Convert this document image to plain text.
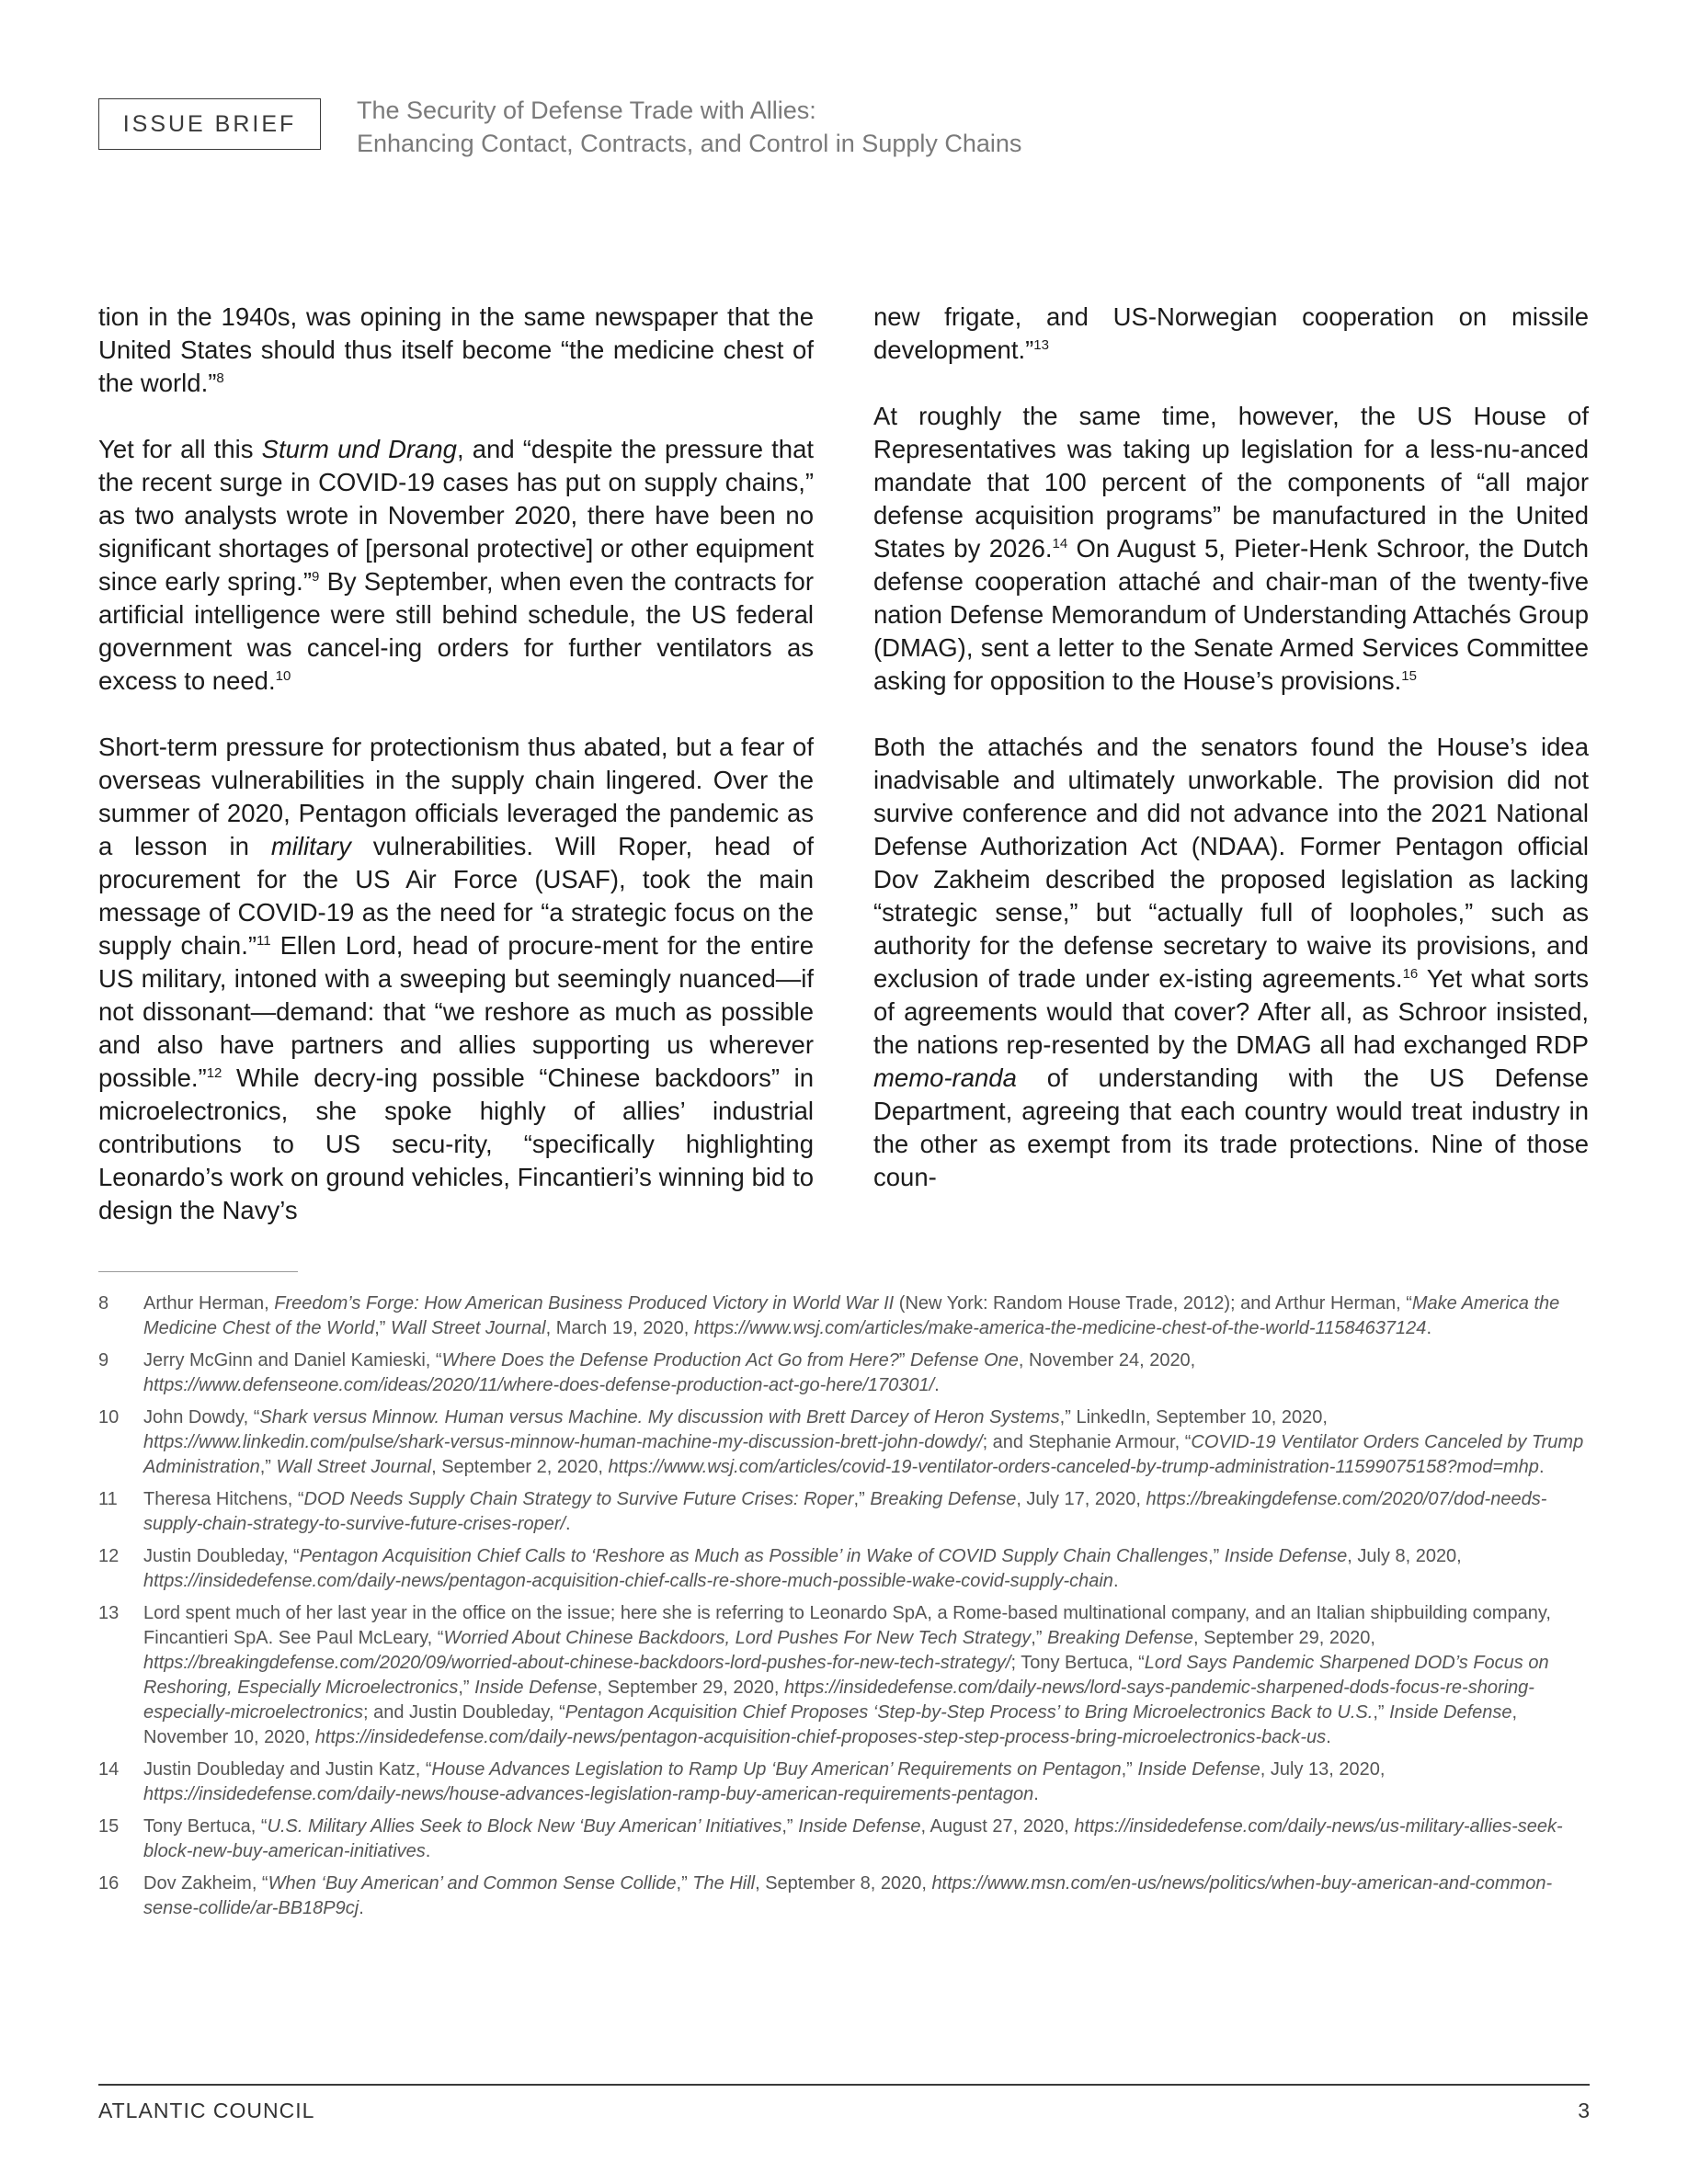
ISSUE BRIEF	The Security of Defense Trade with Allies:
Enhancing Contact, Contracts, and Control in Supply Chains

tion in the 1940s, was opining in the same newspaper that the United States should thus itself become “the medicine chest of the world.”$^8$

Yet for all this Sturm und Drang, and “despite the pressure that the recent surge in COVID-19 cases has put on supply chains,” as two analysts wrote in November 2020, there have been no significant shortages of [personal protective] or other equipment since early spring.”$^9$ By September, when even the contracts for artificial intelligence were still behind schedule, the US federal government was cancel-ing orders for further ventilators as excess to need.$^{10}$

Short-term pressure for protectionism thus abated, but a fear of overseas vulnerabilities in the supply chain lingered. Over the summer of 2020, Pentagon officials leveraged the pandemic as a lesson in military vulnerabilities. Will Roper, head of procurement for the US Air Force (USAF), took the main message of COVID-19 as the need for “a strategic focus on the supply chain.”$^{11}$ Ellen Lord, head of procure-ment for the entire US military, intoned with a sweeping but seemingly nuanced—if not dissonant—demand: that “we reshore as much as possible and also have partners and allies supporting us wherever possible.”$^{12}$ While decry-ing possible “Chinese backdoors” in microelectronics, she spoke highly of allies’ industrial contributions to US secu-rity, “specifically highlighting Leonardo’s work on ground vehicles, Fincantieri’s winning bid to design the Navy’s

new frigate, and US-Norwegian cooperation on missile development.”$^{13}$

At roughly the same time, however, the US House of Representatives was taking up legislation for a less-nu-anced mandate that 100 percent of the components of “all major defense acquisition programs” be manufactured in the United States by 2026.14 On August 5, Pieter-Henk Schroor, the Dutch defense cooperation attaché and chair-man of the twenty-five nation Defense Memorandum of Understanding Attachés Group (DMAG), sent a letter to the Senate Armed Services Committee asking for opposition to the House’s provisions.$^{15}$

Both the attachés and the senators found the House’s idea inadvisable and ultimately unworkable. The provision did not survive conference and did not advance into the 2021 National Defense Authorization Act (NDAA). Former Pentagon official Dov Zakheim described the proposed legislation as lacking “strategic sense,” but “actually full of loopholes,” such as authority for the defense secretary to waive its provisions, and exclusion of trade under ex-isting agreements.$^{16}$ Yet what sorts of agreements would that cover? After all, as Schroor insisted, the nations rep-resented by the DMAG all had exchanged RDP memo-randa of understanding with the US Defense Department, agreeing that each country would treat industry in the other as exempt from its trade protections. Nine of those coun-

8	Arthur Herman, Freedom’s Forge: How American Business Produced Victory in World War II (New York: Random House Trade, 2012); and Arthur Herman, “Make America the Medicine Chest of the World,” Wall Street Journal, March 19, 2020, https://www.wsj.com/articles/make-america-the-medicine-chest-of-the-world-11584637124.
9	Jerry McGinn and Daniel Kamieski, “Where Does the Defense Production Act Go from Here?” Defense One, November 24, 2020, https://www.defenseone.com/ideas/2020/11/where-does-defense-production-act-go-here/170301/.
10	John Dowdy, “Shark versus Minnow. Human versus Machine. My discussion with Brett Darcey of Heron Systems,” LinkedIn, September 10, 2020, https://www.linkedin.com/pulse/shark-versus-minnow-human-machine-my-discussion-brett-john-dowdy/; and Stephanie Armour, “COVID-19 Ventilator Orders Canceled by Trump Administration,” Wall Street Journal, September 2, 2020, https://www.wsj.com/articles/covid-19-ventilator-orders-canceled-by-trump-administration-11599075158?mod=mhp.
11	Theresa Hitchens, “DOD Needs Supply Chain Strategy to Survive Future Crises: Roper,” Breaking Defense, July 17, 2020, https://breakingdefense.com/2020/07/dod-needs-supply-chain-strategy-to-survive-future-crises-roper/.
12	Justin Doubleday, “Pentagon Acquisition Chief Calls to ‘Reshore as Much as Possible’ in Wake of COVID Supply Chain Challenges,” Inside Defense, July 8, 2020, https://insidedefense.com/daily-news/pentagon-acquisition-chief-calls-re-shore-much-possible-wake-covid-supply-chain.
13	Lord spent much of her last year in the office on the issue; here she is referring to Leonardo SpA, a Rome-based multinational company, and an Italian shipbuilding company, Fincantieri SpA. See Paul McLeary, “Worried About Chinese Backdoors, Lord Pushes For New Tech Strategy,” Breaking Defense, September 29, 2020, https://breakingdefense.com/2020/09/worried-about-chinese-backdoors-lord-pushes-for-new-tech-strategy/; Tony Bertuca, “Lord Says Pandemic Sharpened DOD’s Focus on Reshoring, Especially Microelectronics,” Inside Defense, September 29, 2020, https://insidedefense.com/daily-news/lord-says-pandemic-sharpened-dods-focus-re-shoring-especially-microelectronics; and Justin Doubleday, “Pentagon Acquisition Chief Proposes ‘Step-by-Step Process’ to Bring Microelectronics Back to U.S.,” Inside Defense, November 10, 2020, https://insidedefense.com/daily-news/pentagon-acquisition-chief-proposes-step-step-process-bring-microelectronics-back-us.
14	Justin Doubleday and Justin Katz, “House Advances Legislation to Ramp Up ‘Buy American’ Requirements on Pentagon,” Inside Defense, July 13, 2020, https://insidedefense.com/daily-news/house-advances-legislation-ramp-buy-american-requirements-pentagon.
15	Tony Bertuca, “U.S. Military Allies Seek to Block New ‘Buy American’ Initiatives,” Inside Defense, August 27, 2020, https://insidedefense.com/daily-news/us-military-allies-seek-block-new-buy-american-initiatives.
16	Dov Zakheim, “When ‘Buy American’ and Common Sense Collide,” The Hill, September 8, 2020, https://www.msn.com/en-us/news/politics/when-buy-american-and-common-sense-collide/ar-BB18P9cj.
ATLANTIC COUNCIL	3
